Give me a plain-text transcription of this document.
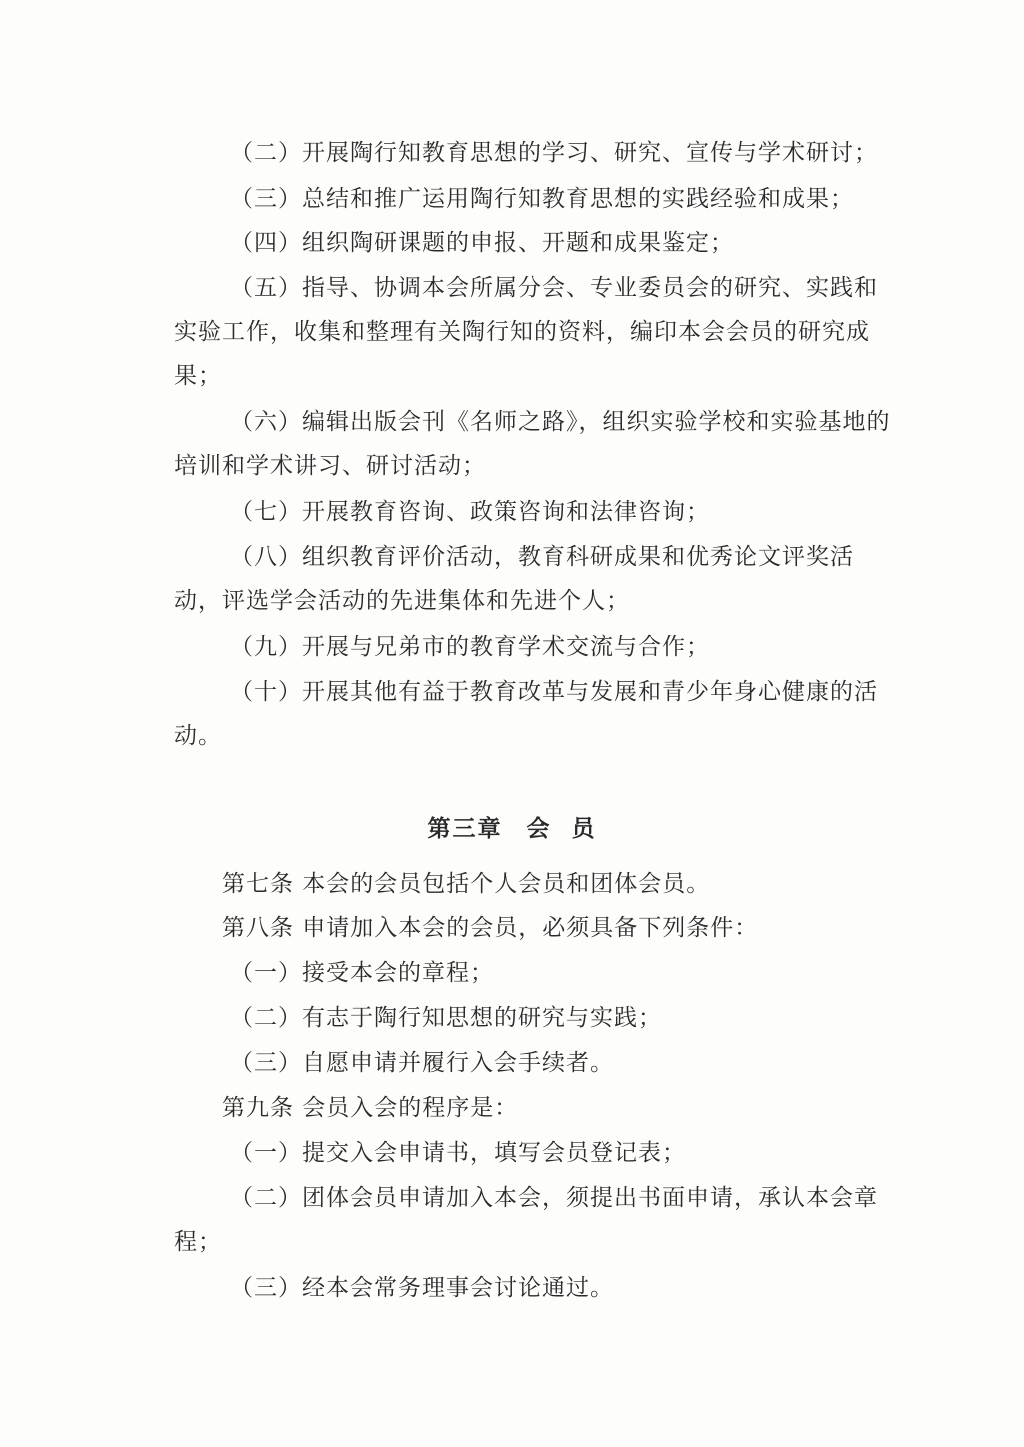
（二）开展陶行知教育思想的学习、研究、宣传与学术研讨；

（三）总结和推广运用陶行知教育思想的实践经验和成果；

（四）组织陶研课题的申报、开题和成果鉴定；

（五）指导、协调本会所属分会、专业委员会的研究、实践和实验工作，收集和整理有关陶行知的资料，编印本会会员的研究成果；

（六）编辑出版会刊《名师之路》，组织实验学校和实验基地的培训和学术讲习、研讨活动；

（七）开展教育咨询、政策咨询和法律咨询；

（八）组织教育评价活动，教育科研成果和优秀论文评奖活动，评选学会活动的先进集体和先进个人；

（九）开展与兄弟市的教育学术交流与合作；

（十）开展其他有益于教育改革与发展和青少年身心健康的活动。

第三章 会  员

第七条 本会的会员包括个人会员和团体会员。

第八条 申请加入本会的会员，必须具备下列条件：

（一）接受本会的章程；

（二）有志于陶行知思想的研究与实践；

（三）自愿申请并履行入会手续者。

第九条 会员入会的程序是：

（一）提交入会申请书，填写会员登记表；

（二）团体会员申请加入本会，须提出书面申请，承认本会章程；

（三）经本会常务理事会讨论通过。
